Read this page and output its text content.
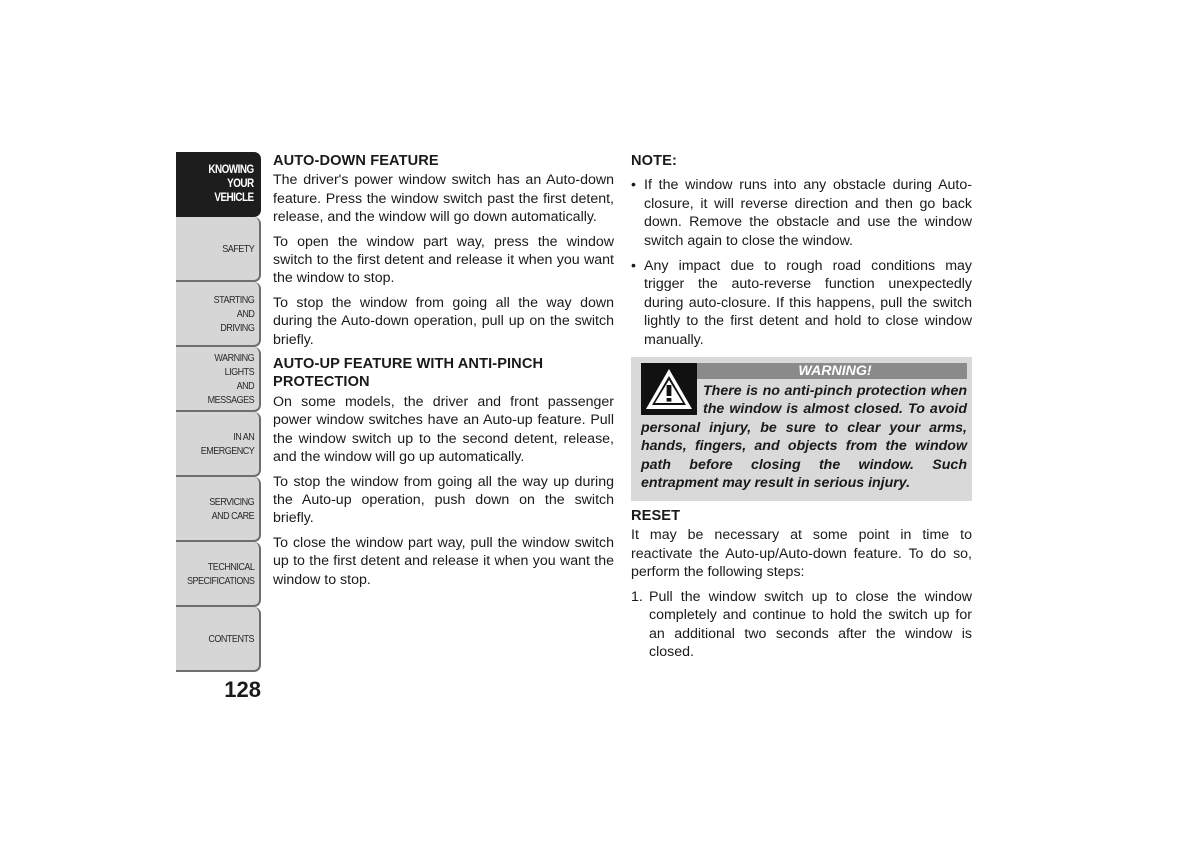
KNOWING
YOUR
VEHICLE
SAFETY
STARTING
AND
DRIVING
WARNING
LIGHTS
AND
MESSAGES
IN AN
EMERGENCY
SERVICING
AND CARE
TECHNICAL
SPECIFICATIONS
CONTENTS
128
AUTO-DOWN FEATURE

The driver's power window switch has an Auto-down feature. Press the window switch past the first detent, release, and the window will go down automatically.

To open the window part way, press the window switch to the first detent and release it when you want the window to stop.

To stop the window from going all the way down during the Auto-down operation, pull up on the switch briefly.

AUTO-UP FEATURE WITH ANTI-PINCH PROTECTION

On some models, the driver and front passenger power window switches have an Auto-up feature. Pull the window switch up to the second detent, release, and the window will go up automatically.

To stop the window from going all the way up during the Auto-up operation, push down on the switch briefly.

To close the window part way, pull the window switch up to the first detent and release it when you want the window to stop.

NOTE:
• If the window runs into any obstacle during Auto-closure, it will reverse direction and then go back down. Remove the obstacle and use the window switch again to close the window.
• Any impact due to rough road conditions may trigger the auto-reverse function unexpectedly during auto-closure. If this happens, pull the switch lightly to the first detent and hold to close window manually.
WARNING!
There is no anti-pinch protection when the window is almost closed. To avoid personal injury, be sure to clear your arms, hands, fingers, and objects from the window path before closing the window. Such entrapment may result in serious injury.
RESET

It may be necessary at some point in time to reactivate the Auto-up/Auto-down feature. To do so, perform the following steps:

1. Pull the window switch up to close the window completely and continue to hold the switch up for an additional two seconds after the window is closed.
